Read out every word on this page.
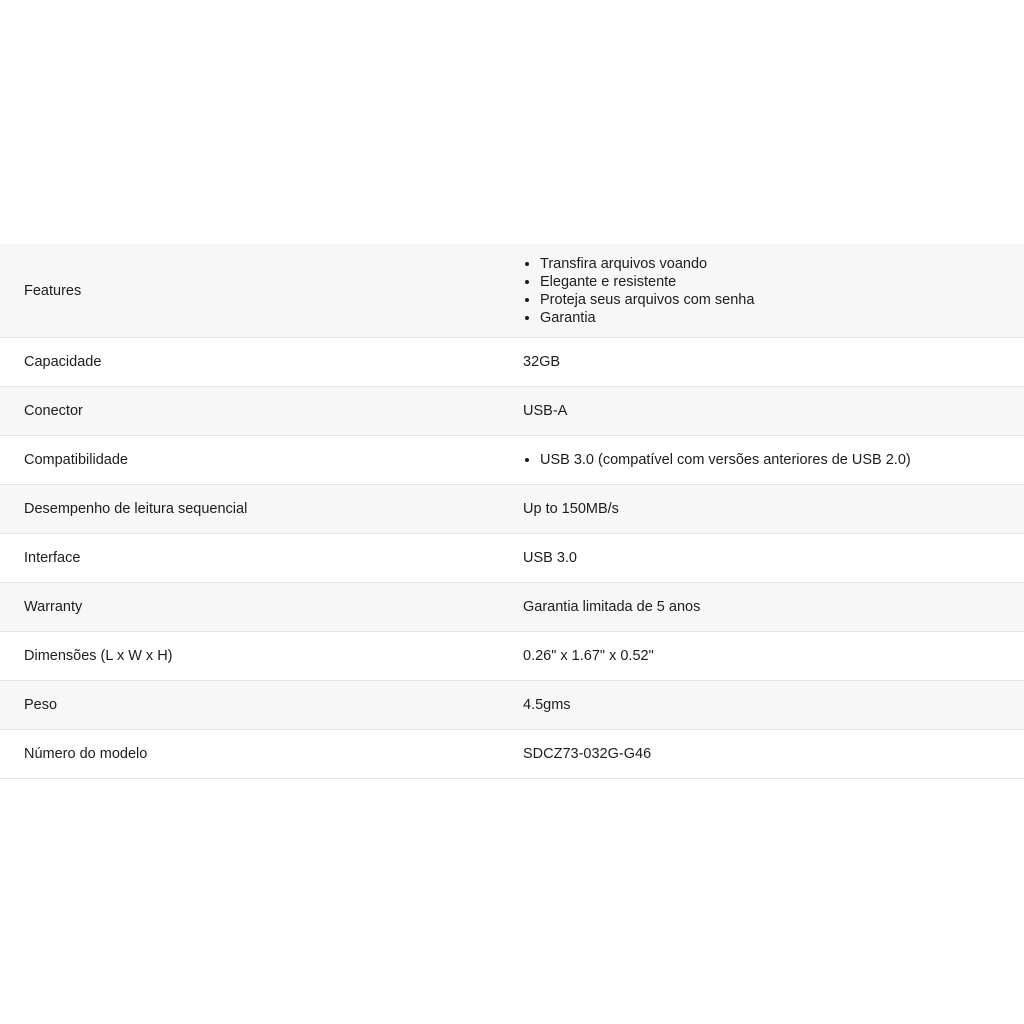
Features
• Transfira arquivos voando
• Elegante e resistente
• Proteja seus arquivos com senha
• Garantia
Capacidade	32GB
Conector	USB-A
Compatibilidade	• USB 3.0 (compatível com versões anteriores de USB 2.0)
Desempenho de leitura sequencial	Up to 150MB/s
Interface	USB 3.0
Warranty	Garantia limitada de 5 anos
Dimensões (L x W x H)	0.26" x 1.67" x 0.52"
Peso	4.5gms
Número do modelo	SDCZ73-032G-G46
